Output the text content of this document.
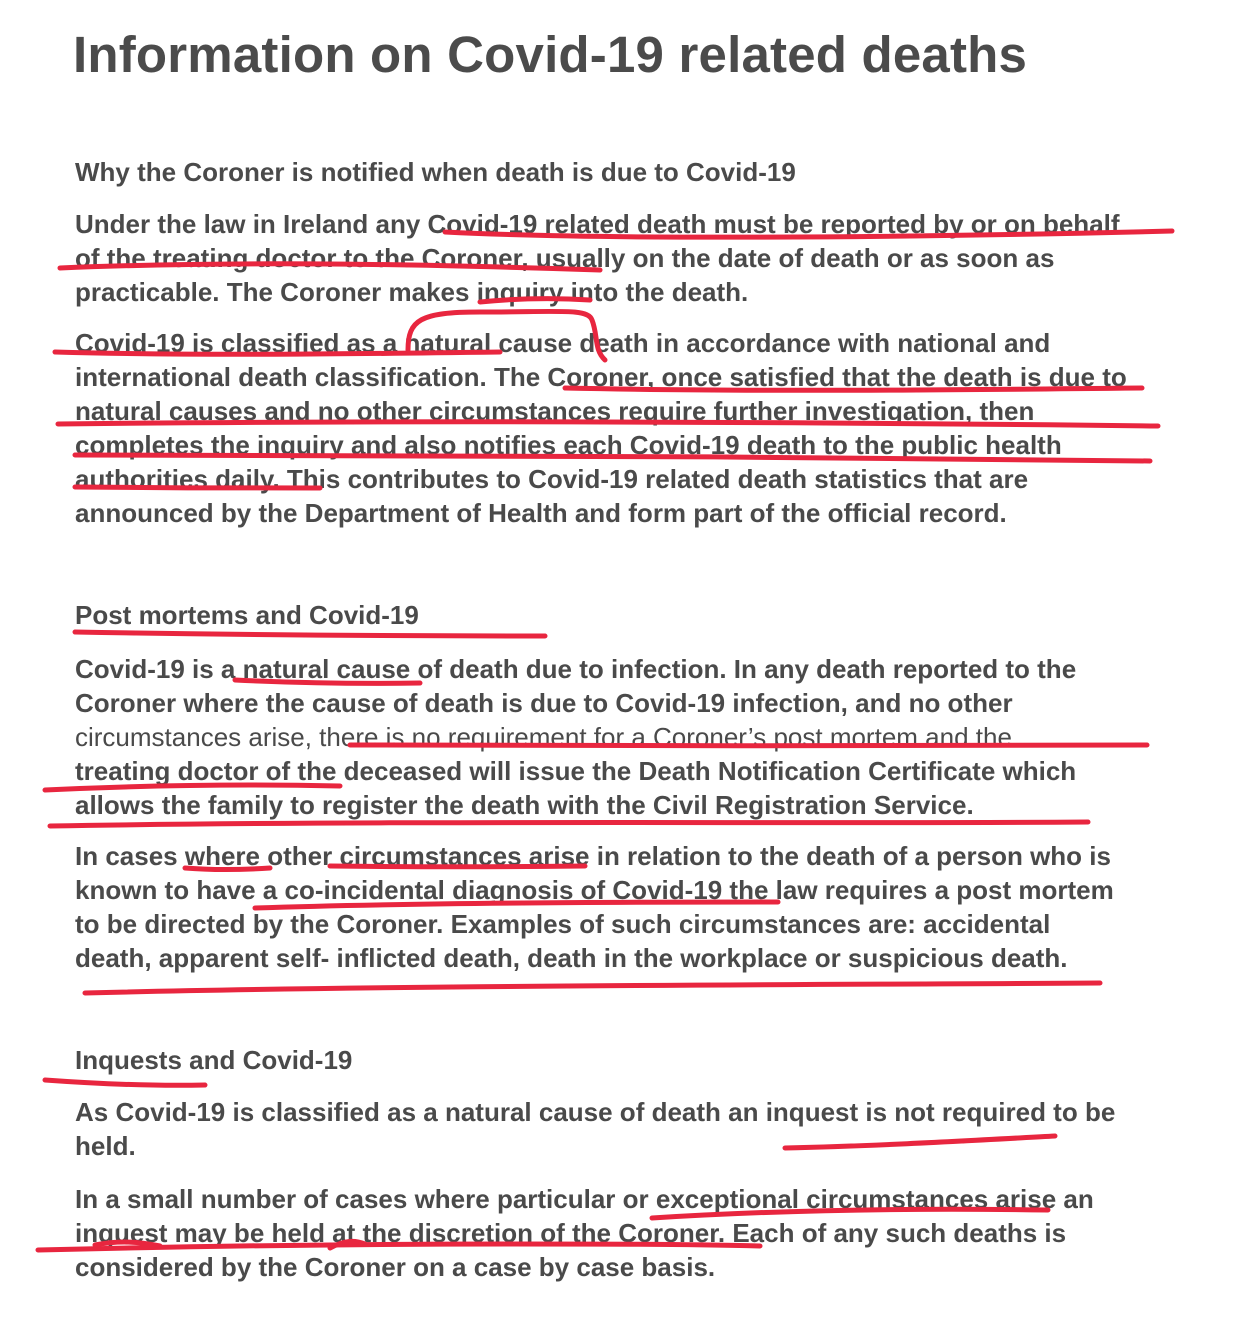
Information on Covid-19 related deaths
Why the Coroner is notified when death is due to Covid-19

Under the law in Ireland any Covid-19 related death must be reported by or on behalf
of the treating doctor to the Coroner, usually on the date of death or as soon as
practicable. The Coroner makes inquiry into the death.

Covid-19 is classified as a natural cause death in accordance with national and
international death classification. The Coroner, once satisfied that the death is due to
natural causes and no other circumstances require further investigation, then
completes the inquiry and also notifies each Covid-19 death to the public health
authorities daily. This contributes to Covid-19 related death statistics that are
announced by the Department of Health and form part of the official record.

Post mortems and Covid-19

Covid-19 is a natural cause of death due to infection. In any death reported to the
Coroner where the cause of death is due to Covid-19 infection, and no other
circumstances arise, there is no requirement for a Coroner’s post mortem and the
treating doctor of the deceased will issue the Death Notification Certificate which
allows the family to register the death with the Civil Registration Service.

In cases where other circumstances arise in relation to the death of a person who is
known to have a co-incidental diagnosis of Covid-19 the law requires a post mortem
to be directed by the Coroner. Examples of such circumstances are: accidental
death, apparent self- inflicted death, death in the workplace or suspicious death.

Inquests and Covid-19

As Covid-19 is classified as a natural cause of death an inquest is not required to be
held.

In a small number of cases where particular or exceptional circumstances arise an
inquest may be held at the discretion of the Coroner. Each of any such deaths is
considered by the Coroner on a case by case basis.
